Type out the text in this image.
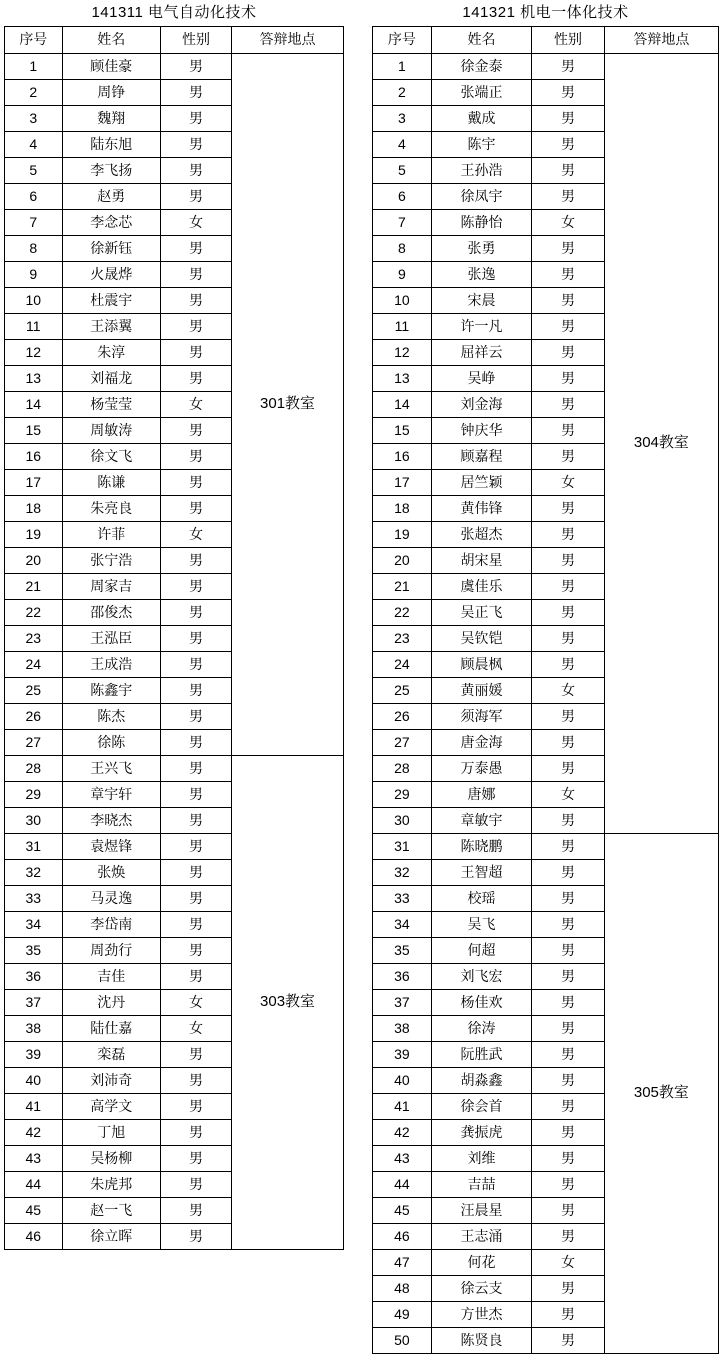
141311 电气自动化技术			
序号	姓名	性别	答辩地点
1	顾佳豪	男	301教室
2	周铮	男	
3	魏翔	男	
4	陆东旭	男	
5	李飞扬	男	
6	赵勇	男	
7	李念芯	女	
8	徐新钰	男	
9	火晟烨	男	
10	杜震宇	男	
11	王添翼	男	
12	朱淳	男	
13	刘福龙	男	
14	杨莹莹	女	
15	周敏涛	男	
16	徐文飞	男	
17	陈谦	男	
18	朱亮良	男	
19	许菲	女	
20	张宁浩	男	
21	周家吉	男	
22	邵俊杰	男	
23	王泓臣	男	
24	王成浩	男	
25	陈鑫宇	男	
26	陈杰	男	
27	徐陈	男	
28	王兴飞	男	303教室
29	章宇轩	男	
30	李晓杰	男	
31	袁煜锋	男	
32	张焕	男	
33	马灵逸	男	
34	李岱南	男	
35	周劲行	男	
36	吉佳	男	
37	沈丹	女	
38	陆仕嘉	女	
39	栾磊	男	
40	刘沛奇	男	
41	高学文	男	
42	丁旭	男	
43	吴杨柳	男	
44	朱虎邦	男	
45	赵一飞	男	
46	徐立晖	男	
141321 机电一体化技术			
序号	姓名	性别	答辩地点
1	徐金泰	男	304教室
2	张端正	男	
3	戴成	男	
4	陈宇	男	
5	王孙浩	男	
6	徐凤宇	男	
7	陈静怡	女	
8	张勇	男	
9	张逸	男	
10	宋晨	男	
11	许一凡	男	
12	屈祥云	男	
13	吴峥	男	
14	刘金海	男	
15	钟庆华	男	
16	顾嘉程	男	
17	居竺颖	女	
18	黄伟锋	男	
19	张超杰	男	
20	胡宋星	男	
21	虞佳乐	男	
22	吴正飞	男	
23	吴钦铠	男	
24	顾晨枫	男	
25	黄丽媛	女	
26	须海军	男	
27	唐金海	男	
28	万泰愚	男	
29	唐娜	女	
30	章敏宇	男	
31	陈晓鹏	男	305教室
32	王智超	男	
33	校瑶	男	
34	吴飞	男	
35	何超	男	
36	刘飞宏	男	
37	杨佳欢	男	
38	徐涛	男	
39	阮胜武	男	
40	胡淼鑫	男	
41	徐会首	男	
42	龚振虎	男	
43	刘维	男	
44	吉喆	男	
45	汪晨星	男	
46	王志涌	男	
47	何花	女	
48	徐云支	男	
49	方世杰	男	
50	陈贤良	男	
